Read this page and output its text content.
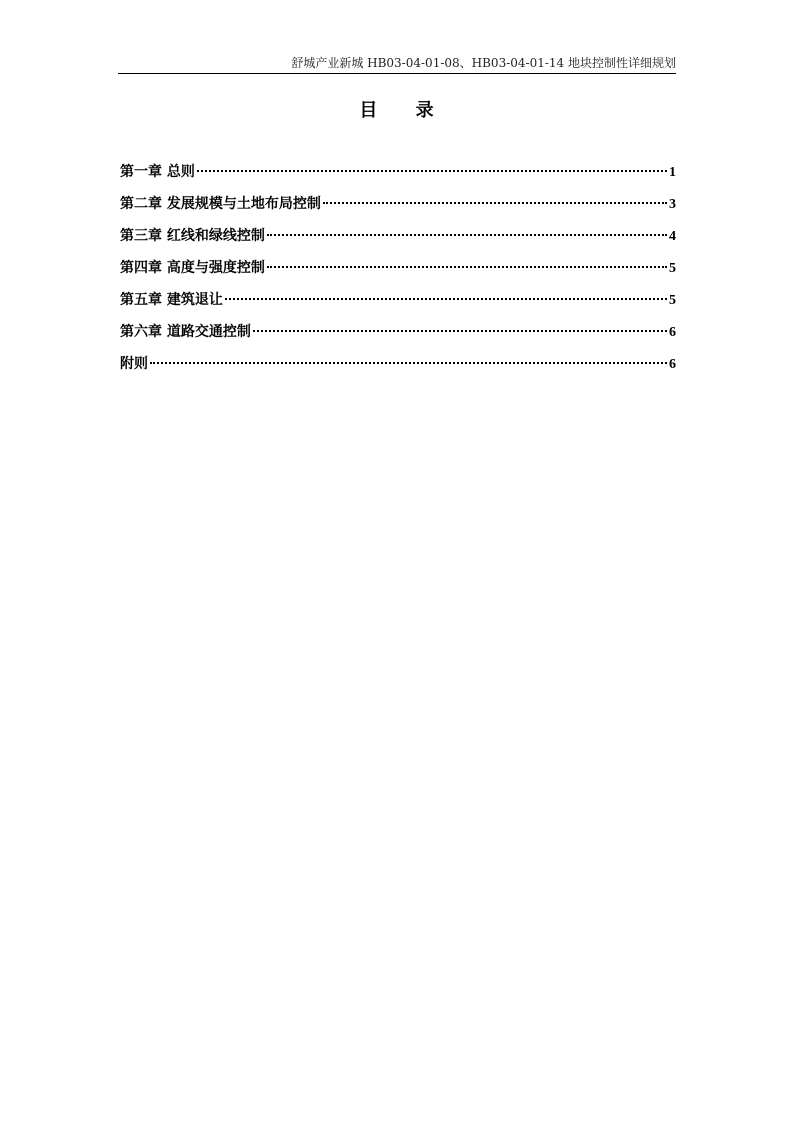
舒城产业新城 HB03-04-01-08、HB03-04-01-14 地块控制性详细规划
目 录
第一章 总则	1
第二章 发展规模与土地布局控制	3
第三章 红线和绿线控制	4
第四章 高度与强度控制	5
第五章 建筑退让	5
第六章 道路交通控制	6
附则	6
